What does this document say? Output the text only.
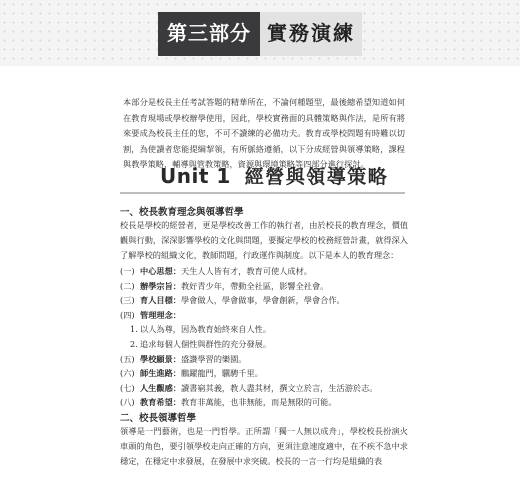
第三部分 實務演練

本部分是校長主任考試答題的精華所在，不論何種題型，最後總希望知道如何在教育現場或學校辦學使用，因此，學校實務面的具體策略與作法，是所有將來要成為校長主任的您，不可不讀練的必備功夫。教育或學校問題有時難以切割，為使讀者您能提綱挈領，有所脈絡遵循，以下分成經營與領導策略，課程與教學策略，輔導與管教策略，資源與環境策略等四部分進行探討。

Unit 1 經營與領導策略
一、校長教育理念與領導哲學

校長是學校的經營者，更是學校改善工作的執行者，由於校長的教育理念，價值觀與行動，深深影響學校的文化與問題，要擬定學校的校務經營計畫，就得深入了解學校的組織文化，教師問題，行政運作與制度。以下是本人的教育理念：

(一) 中心思想：天生人人皆有才，教育可使人成材。
(二) 辦學宗旨：教好青少年，帶動全社區，影響全社會。
(三) 育人目標：學會做人，學會做事，學會創新，學會合作。
(四) 管理理念：
1. 以人為尊，因為教育始終來自人性。
2. 追求每個人個性與群性的充分發展。
(五) 學校願景：盛讚學習的樂園。
(六) 師生進路：鵬躍龍門，驥騁千里。
(七) 人生觀感：讀書窮其義，教人盡其材，撰文立於言，生活游於志。
(八) 教育希望：教育非萬能，也非無能，而是無限的可能。
二、校長領導哲學

領導是一門藝術，也是一門哲學。正所謂「獨一人無以成舟」，學校校長扮演火車頭的角色，要引領學校走向正確的方向，更須注意速度適中，在不疾不急中求穩定，在穩定中求發展，在發展中求突破。校長的一言一行均是組織的表
